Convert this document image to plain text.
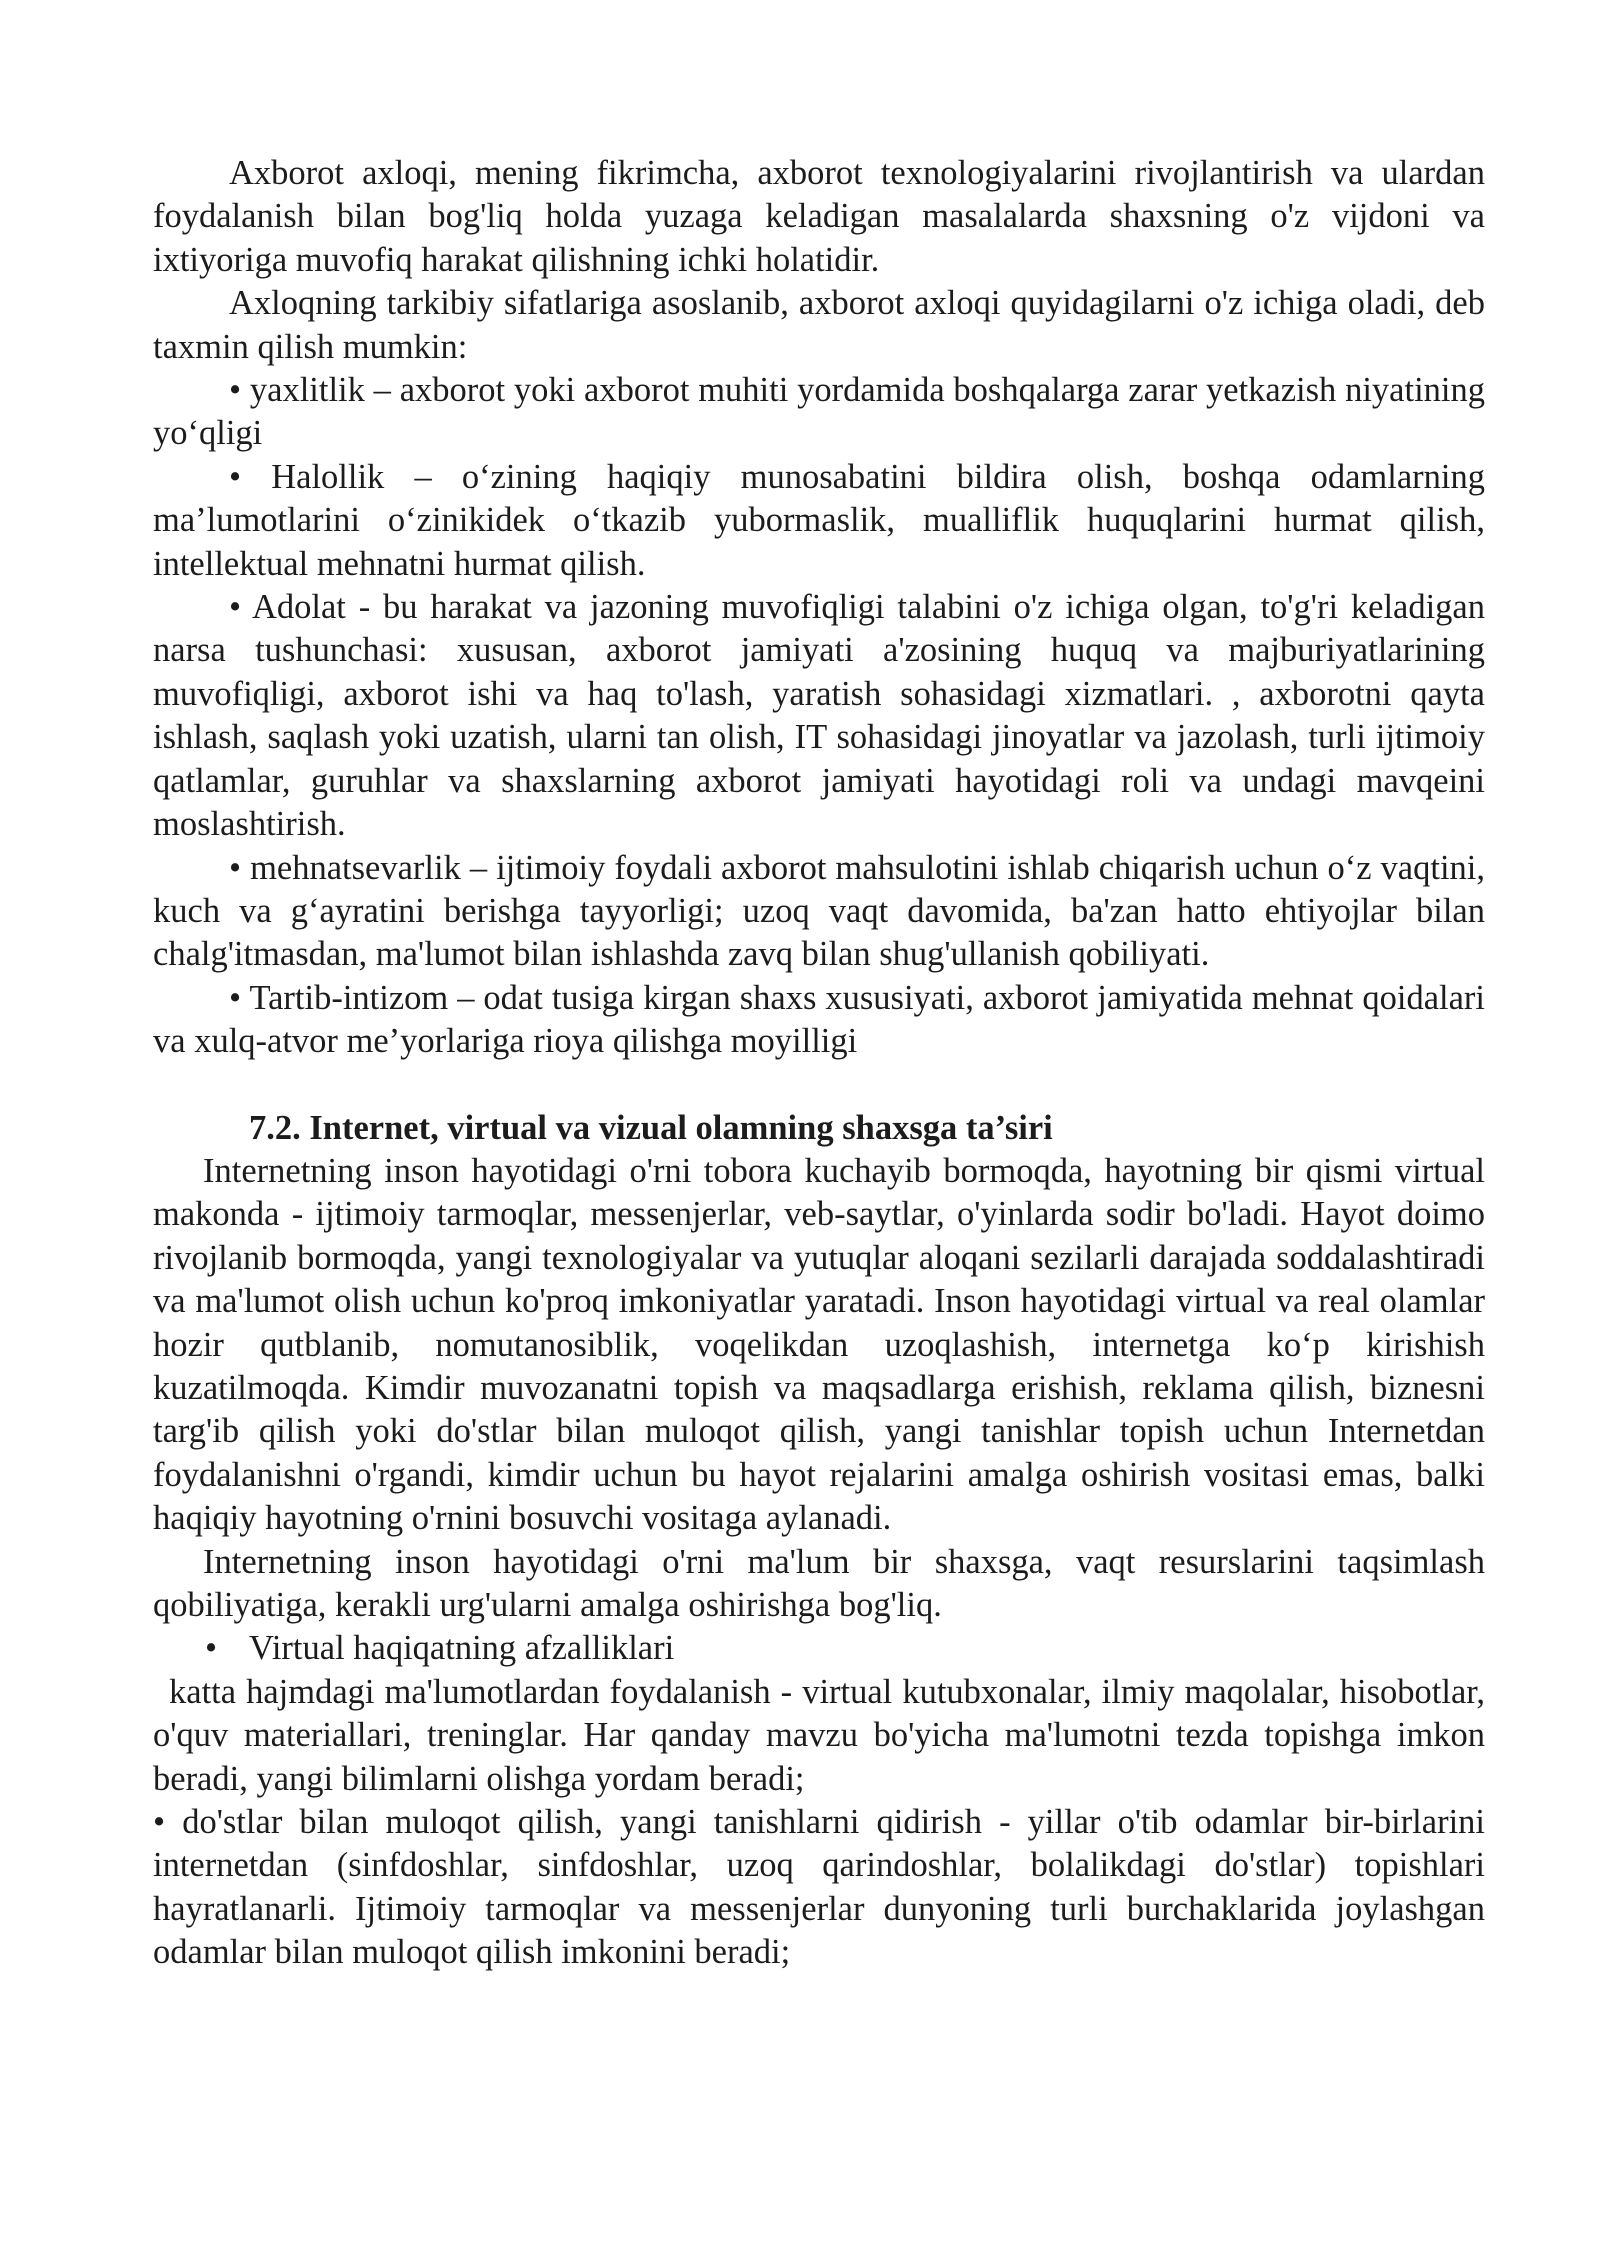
Axborot axloqi, mening fikrimcha, axborot texnologiyalarini rivojlantirish va ulardan foydalanish bilan bog'liq holda yuzaga keladigan masalalarda shaxsning o'z vijdoni va ixtiyoriga muvofiq harakat qilishning ichki holatidir.

Axloqning tarkibiy sifatlariga asoslanib, axborot axloqi quyidagilarni o'z ichiga oladi, deb taxmin qilish mumkin:

• yaxlitlik – axborot yoki axborot muhiti yordamida boshqalarga zarar yetkazish niyatining yo‘qligi

• Halollik – o‘zining haqiqiy munosabatini bildira olish, boshqa odamlarning ma’lumotlarini o‘zinikidek o‘tkazib yubormaslik, mualliflik huquqlarini hurmat qilish, intellektual mehnatni hurmat qilish.

• Adolat - bu harakat va jazoning muvofiqligi talabini o'z ichiga olgan, to'g'ri keladigan narsa tushunchasi: xususan, axborot jamiyati a'zosining huquq va majburiyatlarining muvofiqligi, axborot ishi va haq to'lash, yaratish sohasidagi xizmatlari. , axborotni qayta ishlash, saqlash yoki uzatish, ularni tan olish, IT sohasidagi jinoyatlar va jazolash, turli ijtimoiy qatlamlar, guruhlar va shaxslarning axborot jamiyati hayotidagi roli va undagi mavqeini moslashtirish.

• mehnatsevarlik – ijtimoiy foydali axborot mahsulotini ishlab chiqarish uchun o‘z vaqtini, kuch va g‘ayratini berishga tayyorligi; uzoq vaqt davomida, ba'zan hatto ehtiyojlar bilan chalg'itmasdan, ma'lumot bilan ishlashda zavq bilan shug'ullanish qobiliyati.

• Tartib-intizom – odat tusiga kirgan shaxs xususiyati, axborot jamiyatida mehnat qoidalari va xulq-atvor me’yorlariga rioya qilishga moyilligi

7.2. Internet, virtual va vizual olamning shaxsga ta’siri

Internetning inson hayotidagi o'rni tobora kuchayib bormoqda, hayotning bir qismi virtual makonda - ijtimoiy tarmoqlar, messenjerlar, veb-saytlar, o'yinlarda sodir bo'ladi. Hayot doimo rivojlanib bormoqda, yangi texnologiyalar va yutuqlar aloqani sezilarli darajada soddalashtiradi va ma'lumot olish uchun ko'proq imkoniyatlar yaratadi. Inson hayotidagi virtual va real olamlar hozir qutblanib, nomutanosiblik, voqelikdan uzoqlashish, internetga ko‘p kirishish kuzatilmoqda. Kimdir muvozanatni topish va maqsadlarga erishish, reklama qilish, biznesni targ'ib qilish yoki do'stlar bilan muloqot qilish, yangi tanishlar topish uchun Internetdan foydalanishni o'rgandi, kimdir uchun bu hayot rejalarini amalga oshirish vositasi emas, balki haqiqiy hayotning o'rnini bosuvchi vositaga aylanadi.

Internetning inson hayotidagi o'rni ma'lum bir shaxsga, vaqt resurslarini taqsimlash qobiliyatiga, kerakli urg'ularni amalga oshirishga bog'liq.

• Virtual haqiqatning afzalliklari

katta hajmdagi ma'lumotlardan foydalanish - virtual kutubxonalar, ilmiy maqolalar, hisobotlar, o'quv materiallari, treninglar. Har qanday mavzu bo'yicha ma'lumotni tezda topishga imkon beradi, yangi bilimlarni olishga yordam beradi;

• do'stlar bilan muloqot qilish, yangi tanishlarni qidirish - yillar o'tib odamlar bir-birlarini internetdan (sinfdoshlar, sinfdoshlar, uzoq qarindoshlar, bolalikdagi do'stlar) topishlari hayratlanarli. Ijtimoiy tarmoqlar va messenjerlar dunyoning turli burchaklarida joylashgan odamlar bilan muloqot qilish imkonini beradi;
